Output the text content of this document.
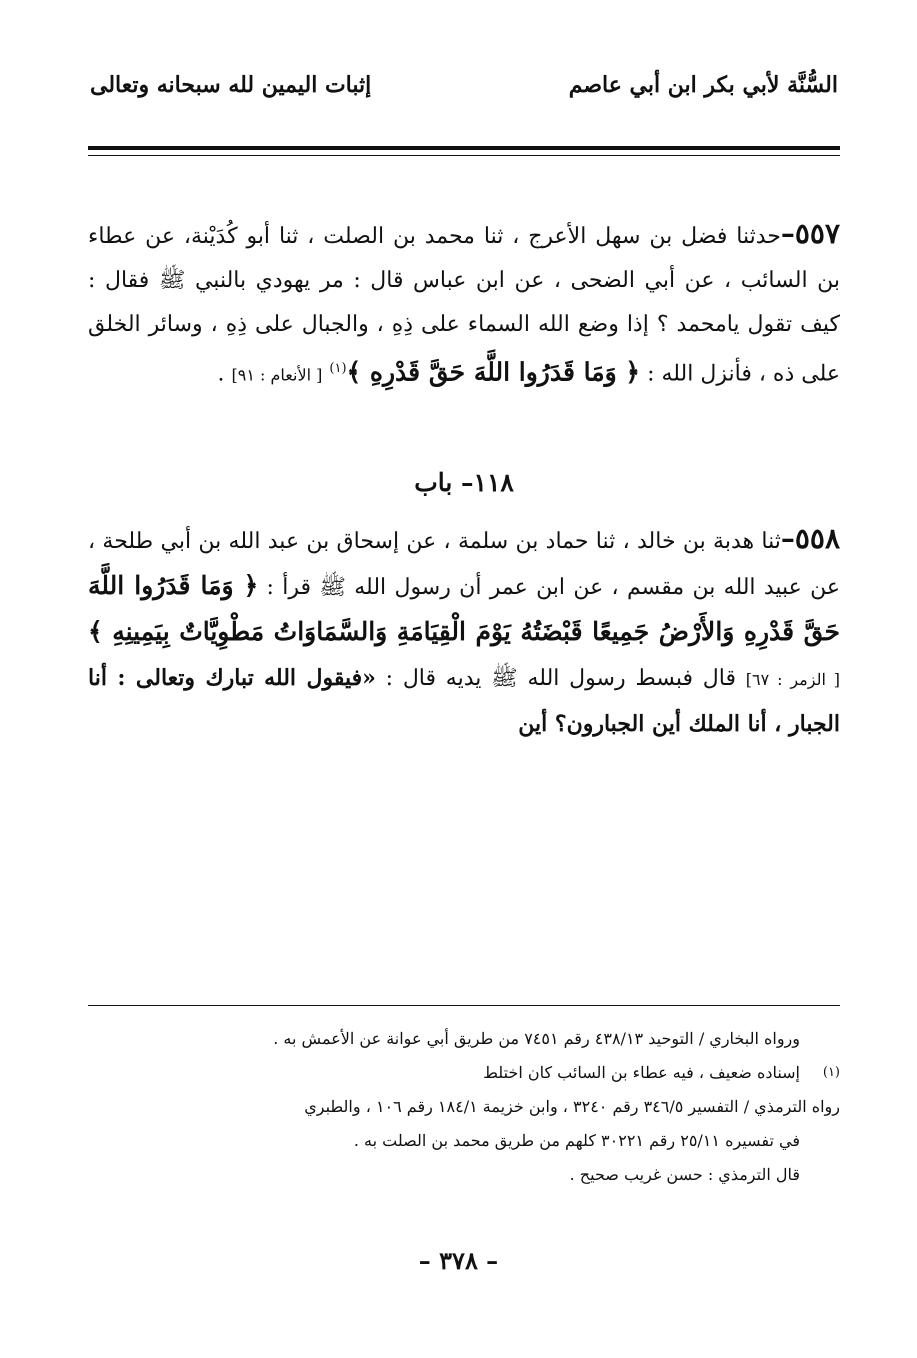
السُّنَّة لأبي بكر ابن أبي عاصم
إثبات اليمين لله سبحانه وتعالى

٥٥٧–حدثنا فضل بن سهل الأعرج ، ثنا محمد بن الصلت ، ثنا أبو كُدَيْنة، عن عطاء بن السائب ، عن أبي الضحى ، عن ابن عباس قال : مر يهودي بالنبي ﷺ فقال : كيف تقول يامحمد ؟ إذا وضع الله السماء على ذِهِ ، والجبال على ذِهِ ، وسائر الخلق على ذه ، فأنزل الله : ﴿ وَمَا قَدَرُوا اللَّهَ حَقَّ قَدْرِهِ ﴾$^{(١)}$ [ الأنعام : ٩١] .

١١٨– باب

٥٥٨–ثنا هدبة بن خالد ، ثنا حماد بن سلمة ، عن إسحاق بن عبد الله بن أبي طلحة ، عن عبيد الله بن مقسم ، عن ابن عمر أن رسول الله ﷺ قرأ : ﴿ وَمَا قَدَرُوا اللَّهَ حَقَّ قَدْرِهِ وَالأَرْضُ جَمِيعًا قَبْضَتُهُ يَوْمَ الْقِيَامَةِ وَالسَّمَاوَاتُ مَطْوِيَّاتٌ بِيَمِينِهِ ﴾ [ الزمر : ٦٧] قال فبسط رسول الله ﷺ يديه قال : «فيقول الله تبارك وتعالى : أنا الجبار ، أنا الملك أين الجبارون؟ أين

ورواه البخاري / التوحيد ٤٣٨/١٣ رقم ٧٤٥١ من طريق أبي عوانة عن الأعمش به .

(١)
إسناده ضعيف ، فيه عطاء بن السائب كان اختلط

رواه الترمذي / التفسير ٣٤٦/٥ رقم ٣٢٤٠ ، وابن خزيمة ١٨٤/١ رقم ١٠٦ ، والطبري

في تفسيره ٢٥/١١ رقم ٣٠٢٢١ كلهم من طريق محمد بن الصلت به .

قال الترمذي : حسن غريب صحيح .

– ٣٧٨ –
